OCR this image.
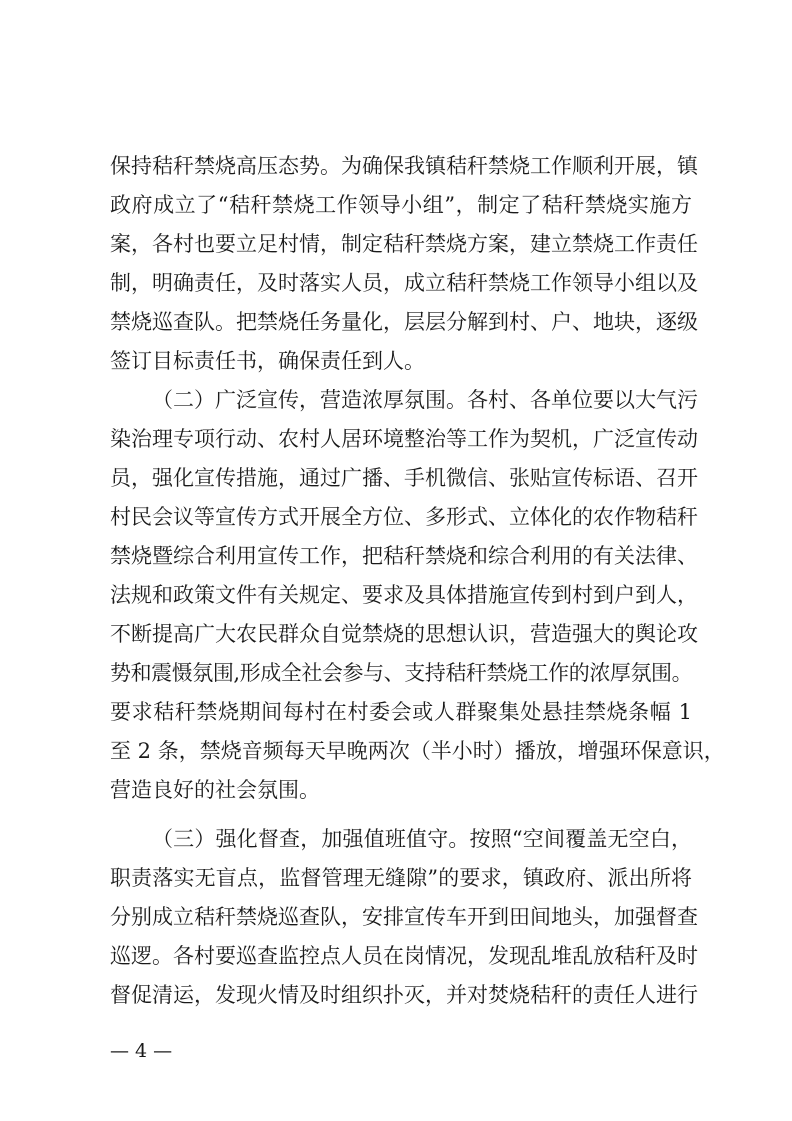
保持秸秆禁烧高压态势。为确保我镇秸秆禁烧工作顺利开展，镇
政府成立了“秸秆禁烧工作领导小组”，制定了秸秆禁烧实施方
案，各村也要立足村情，制定秸秆禁烧方案，建立禁烧工作责任
制，明确责任，及时落实人员，成立秸秆禁烧工作领导小组以及
禁烧巡查队。把禁烧任务量化，层层分解到村、户、地块，逐级
签订目标责任书，确保责任到人。
（二）广泛宣传，营造浓厚氛围。各村、各单位要以大气污
染治理专项行动、农村人居环境整治等工作为契机，广泛宣传动
员，强化宣传措施，通过广播、手机微信、张贴宣传标语、召开
村民会议等宣传方式开展全方位、多形式、立体化的农作物秸秆
禁烧暨综合利用宣传工作，把秸秆禁烧和综合利用的有关法律、
法规和政策文件有关规定、要求及具体措施宣传到村到户到人，
不断提高广大农民群众自觉禁烧的思想认识，营造强大的舆论攻
势和震慑氛围,形成全社会参与、支持秸秆禁烧工作的浓厚氛围。
要求秸秆禁烧期间每村在村委会或人群聚集处悬挂禁烧条幅 1
至 2 条，禁烧音频每天早晚两次（半小时）播放，增强环保意识，
营造良好的社会氛围。
（三）强化督查，加强值班值守。按照“空间覆盖无空白，
职责落实无盲点，监督管理无缝隙”的要求，镇政府、派出所将
分别成立秸秆禁烧巡查队，安排宣传车开到田间地头，加强督查
巡逻。各村要巡查监控点人员在岗情况，发现乱堆乱放秸秆及时
督促清运，发现火情及时组织扑灭，并对焚烧秸秆的责任人进行
— 4 —
